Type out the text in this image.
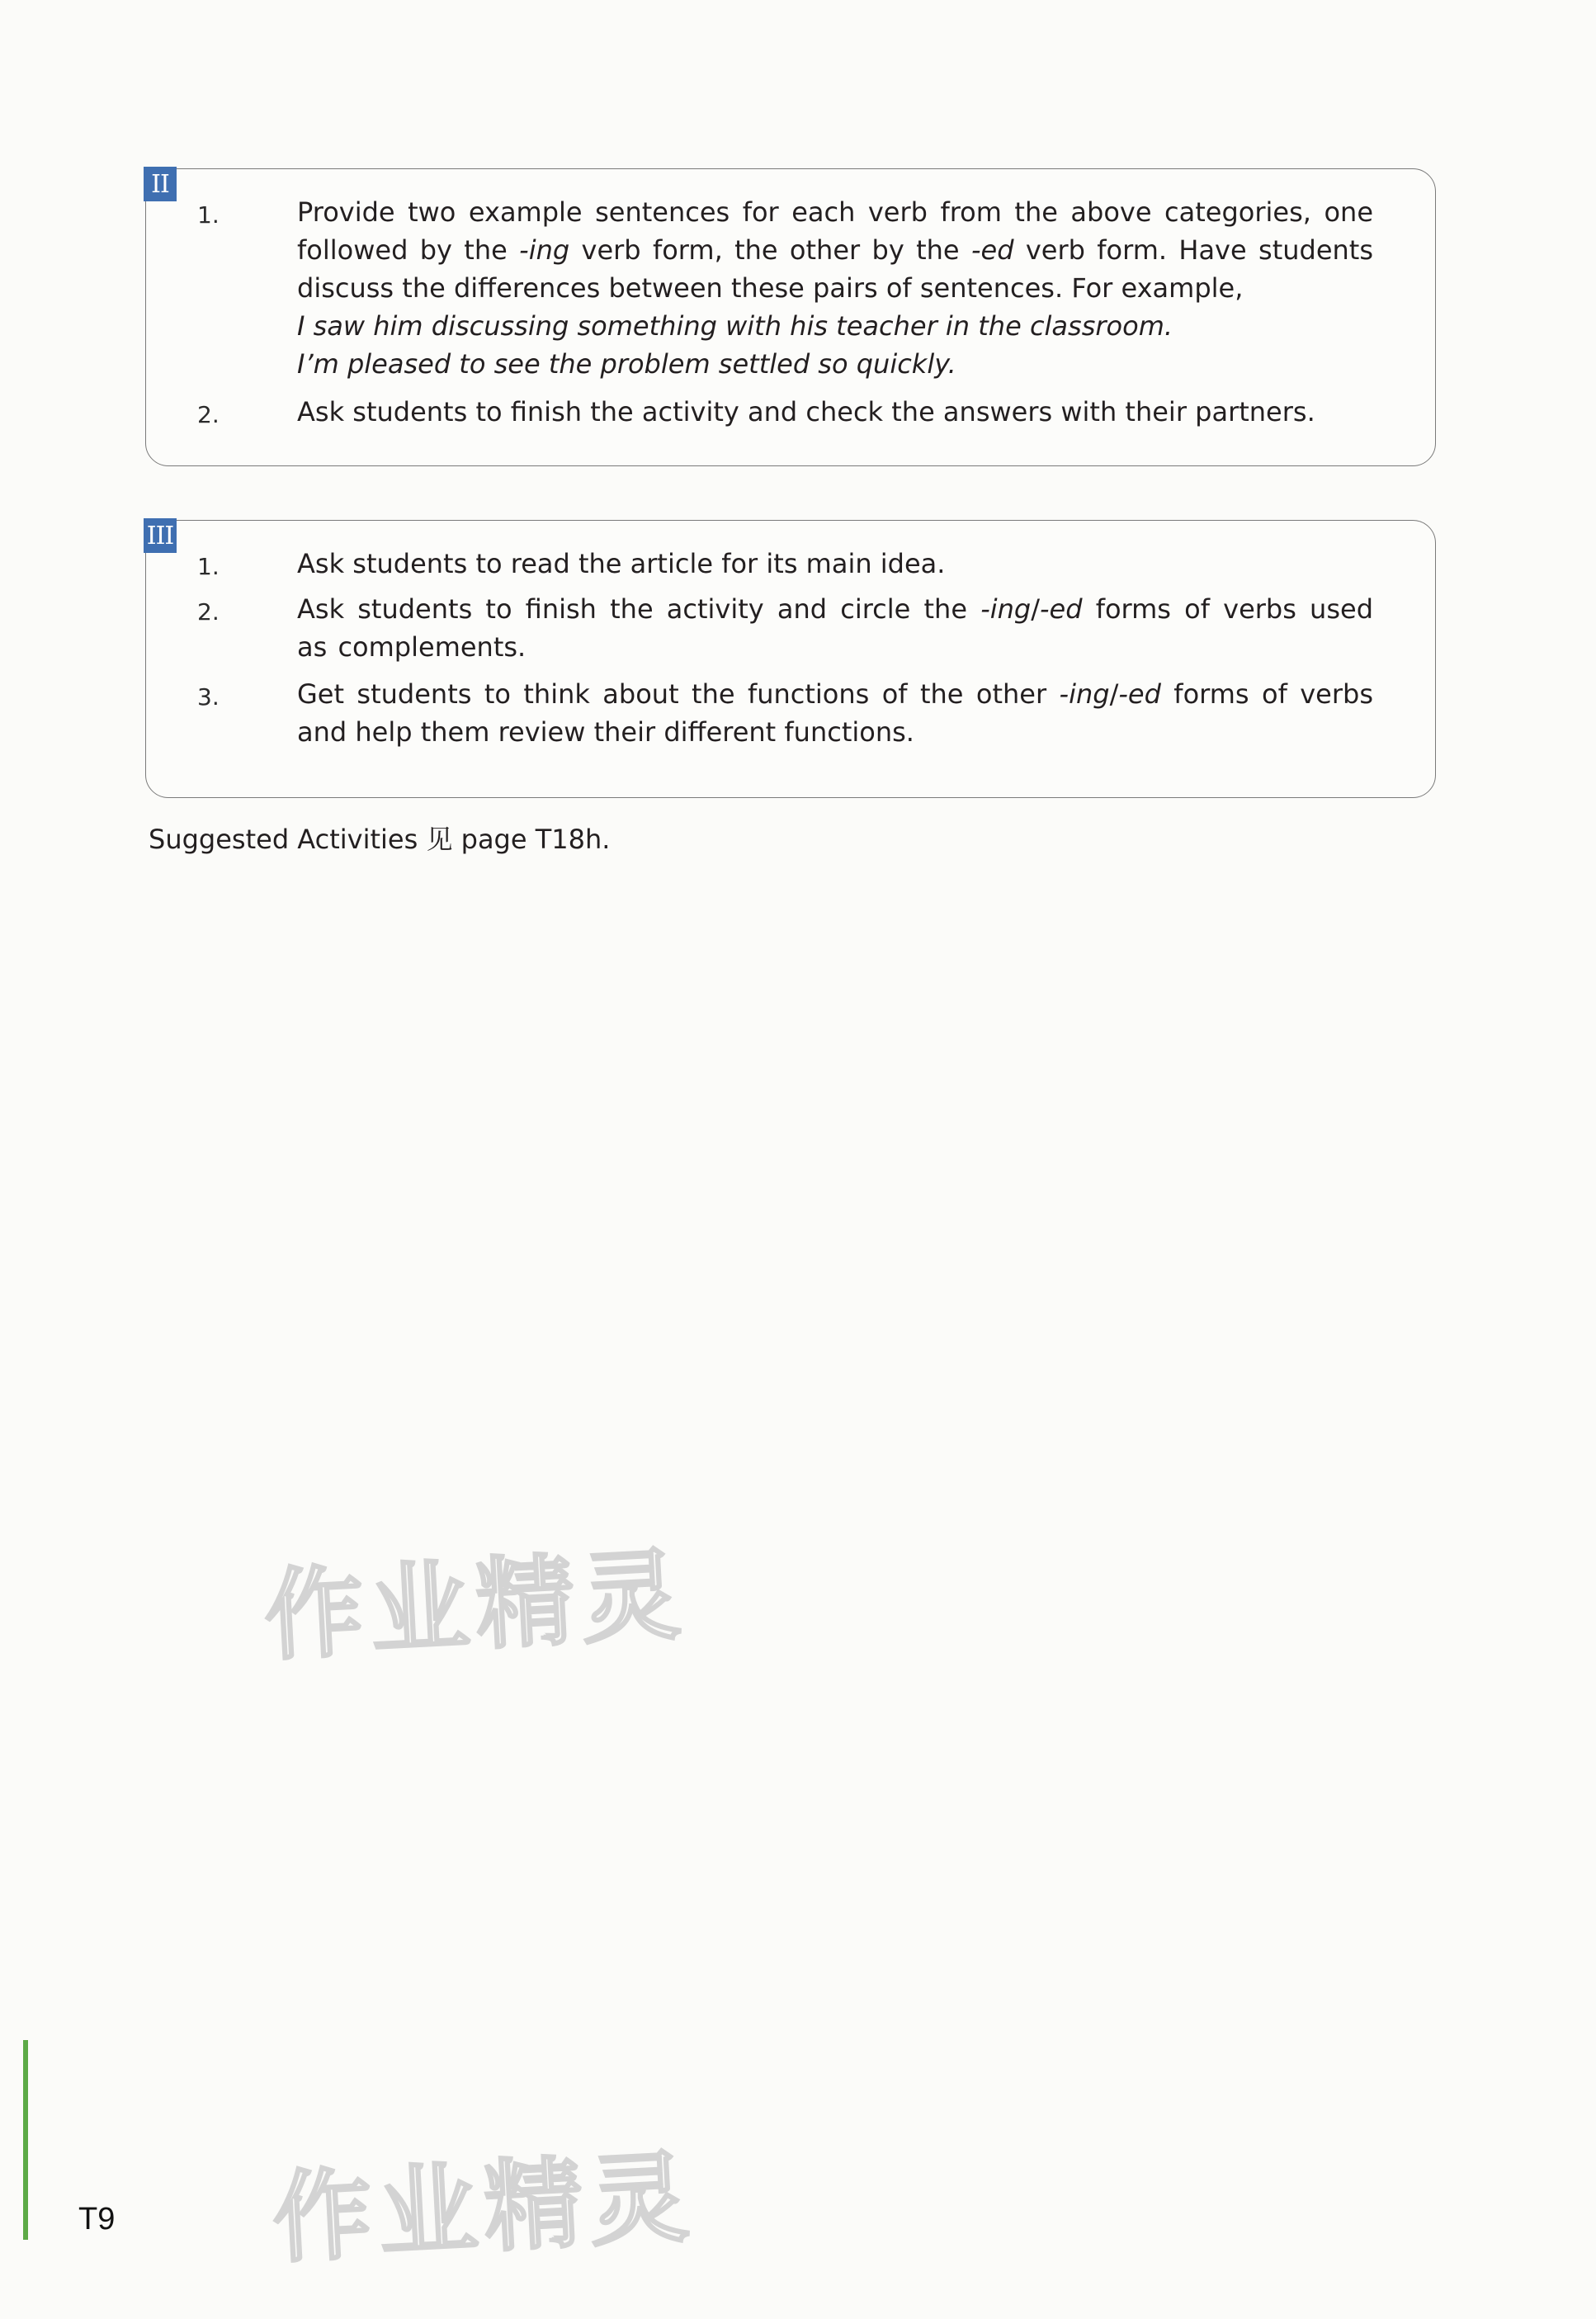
II
1.	Provide two example sentences for each verb from the above categories, one followed by the -ing verb form, the other by the -ed verb form. Have students discuss the differences between these pairs of sentences. For example,
I saw him discussing something with his teacher in the classroom.
I’m pleased to see the problem settled so quickly.
2.	Ask students to finish the activity and check the answers with their partners.
III
1.	Ask students to read the article for its main idea.
2.	Ask students to finish the activity and circle the -ing/-ed forms of verbs used as complements.
3.	Get students to think about the functions of the other -ing/-ed forms of verbs and help them review their different functions.
Suggested Activities 见 page T18h.
作业精灵
作业精灵
T9
